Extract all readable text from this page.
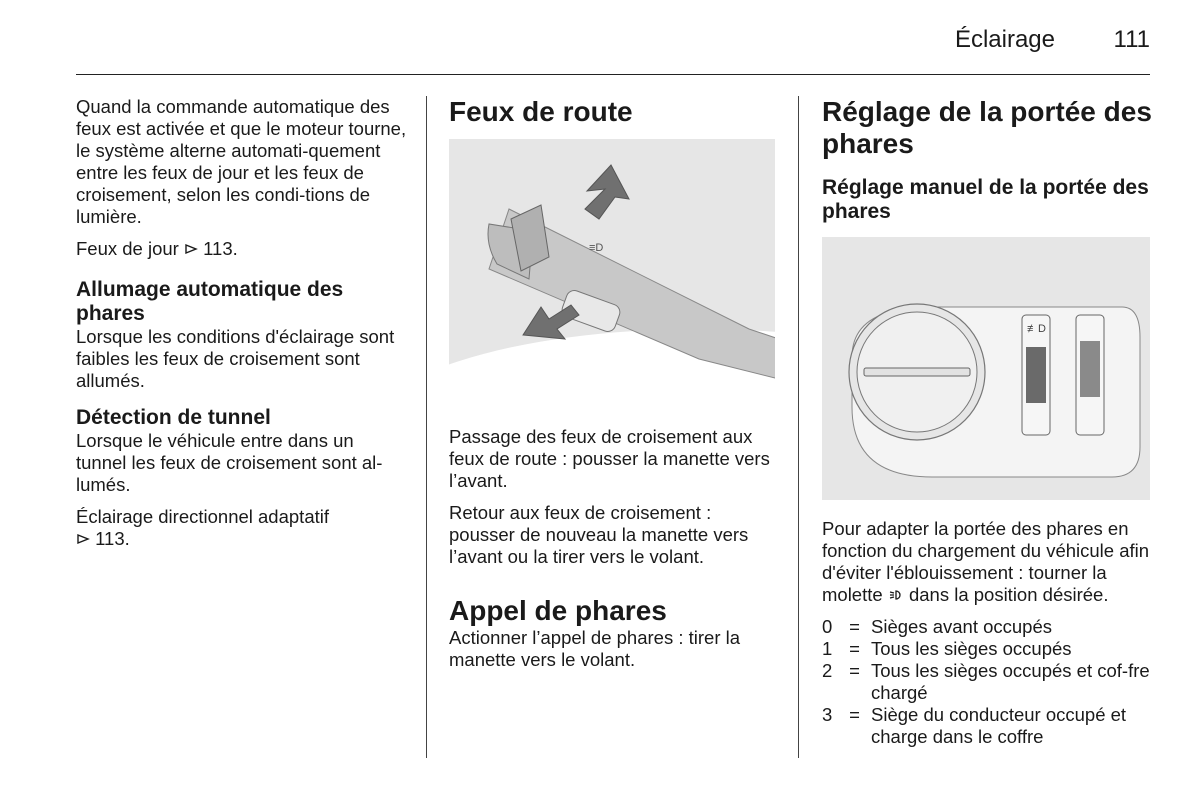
Éclairage	111

Quand la commande automatique des feux est activée et que le moteur tourne, le système alterne automati-quement entre les feux de jour et les feux de croisement, selon les condi-tions de lumière.

Feux de jour 113.

Allumage automatique des phares

Lorsque les conditions d'éclairage sont faibles les feux de croisement sont allumés.

Détection de tunnel

Lorsque le véhicule entre dans un tunnel les feux de croisement sont al-lumés.

Éclairage directionnel adaptatif
113.

Feux de route
≡D

Passage des feux de croisement aux feux de route : pousser la manette vers l’avant.

Retour aux feux de croisement : pousser de nouveau la manette vers l’avant ou la tirer vers le volant.

Appel de phares

Actionner l’appel de phares : tirer la manette vers le volant.

Réglage de la portée des phares
Réglage manuel de la portée des phares
≢D

Pour adapter la portée des phares en fonction du chargement du véhicule afin d'éviter l'éblouissement : tourner la molette dans la position désirée.

0 = Sièges avant occupés
1 = Tous les sièges occupés
2 = Tous les sièges occupés et cof-fre chargé
3 = Siège du conducteur occupé et charge dans le coffre
